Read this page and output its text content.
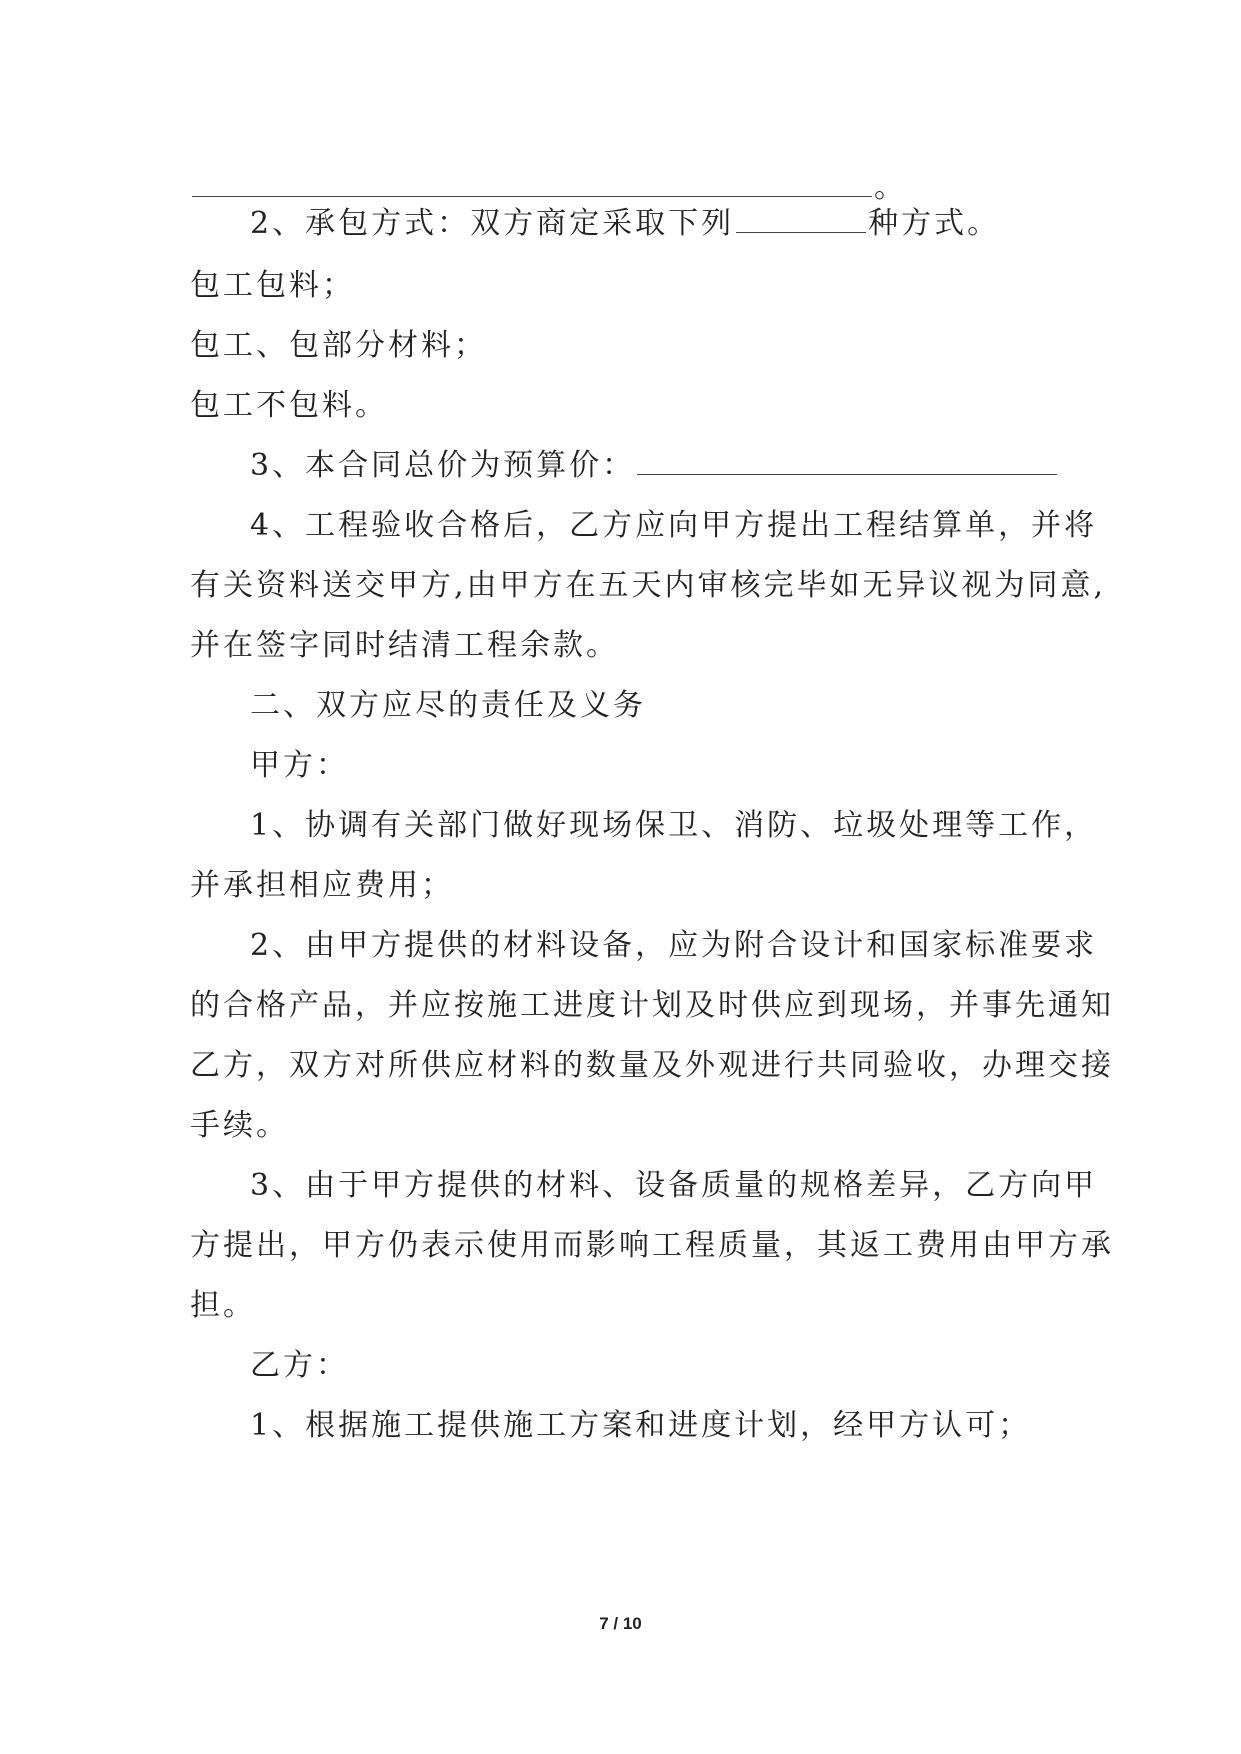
。
2、承包方式：双方商定采取下列	种方式。
包工包料；
包工、包部分材料；
包工不包料。
3、本合同总价为预算价：
4、工程验收合格后，乙方应向甲方提出工程结算单，并将
有关资料送交甲方,由甲方在五天内审核完毕如无异议视为同意,
并在签字同时结清工程余款。
二、双方应尽的责任及义务
甲方：
1、协调有关部门做好现场保卫、消防、垃圾处理等工作，
并承担相应费用；
2、由甲方提供的材料设备，应为附合设计和国家标准要求
的合格产品，并应按施工进度计划及时供应到现场，并事先通知
乙方，双方对所供应材料的数量及外观进行共同验收，办理交接
手续。
3、由于甲方提供的材料、设备质量的规格差异，乙方向甲
方提出，甲方仍表示使用而影响工程质量，其返工费用由甲方承
担。
乙方：
1、根据施工提供施工方案和进度计划，经甲方认可；
7 / 10
